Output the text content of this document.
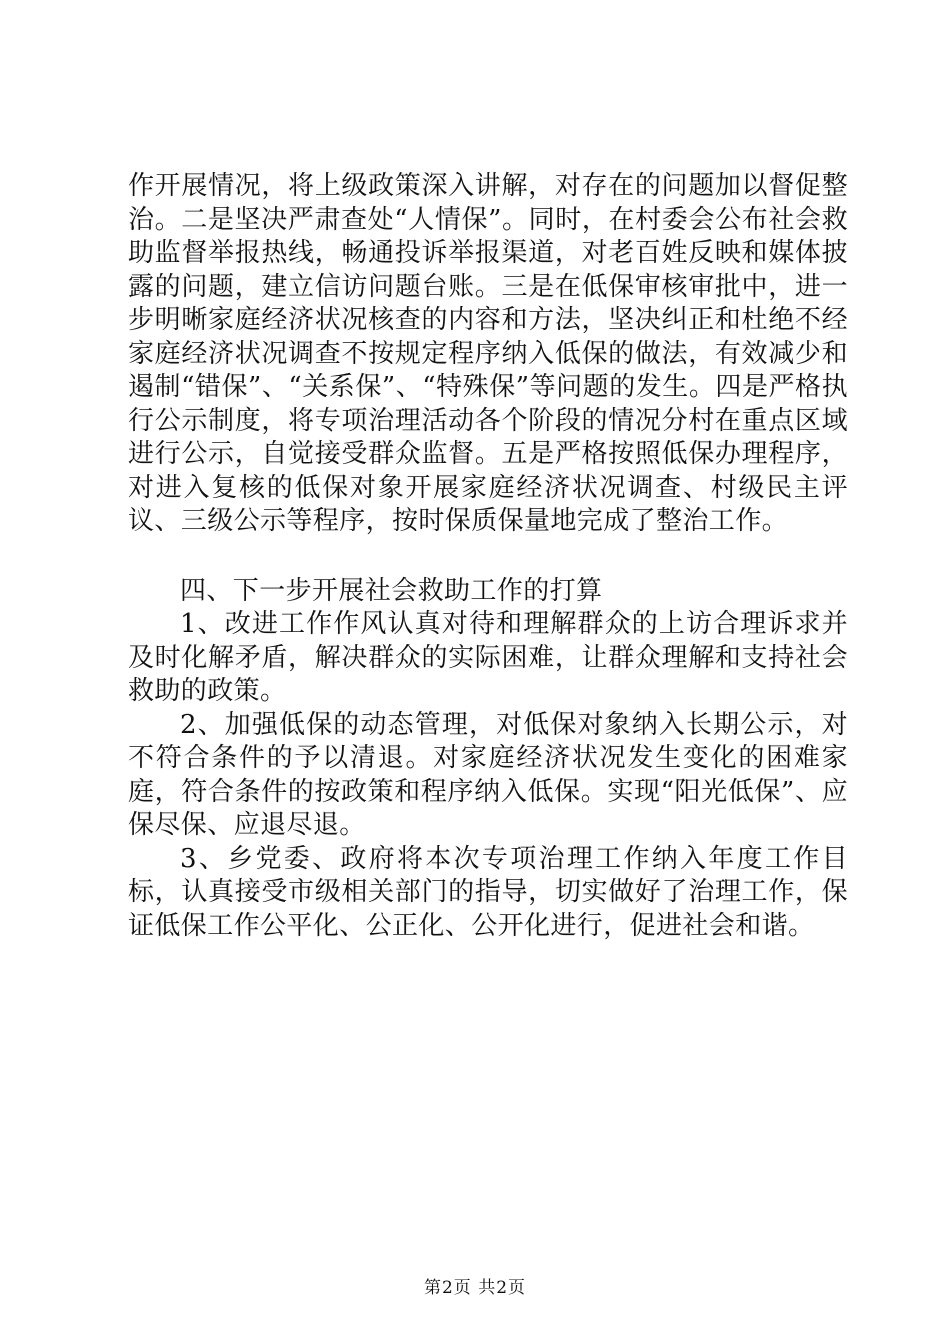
作开展情况，将上级政策深入讲解，对存在的问题加以督促整治。二是坚决严肃查处“人情保”。同时，在村委会公布社会救助监督举报热线，畅通投诉举报渠道，对老百姓反映和媒体披露的问题，建立信访问题台账。三是在低保审核审批中，进一步明晰家庭经济状况核查的内容和方法，坚决纠正和杜绝不经家庭经济状况调查不按规定程序纳入低保的做法，有效减少和遏制“错保”、“关系保”、“特殊保”等问题的发生。四是严格执行公示制度，将专项治理活动各个阶段的情况分村在重点区域进行公示，自觉接受群众监督。五是严格按照低保办理程序，对进入复核的低保对象开展家庭经济状况调查、村级民主评议、三级公示等程序，按时保质保量地完成了整治工作。

四、下一步开展社会救助工作的打算

1、改进工作作风认真对待和理解群众的上访合理诉求并及时化解矛盾，解决群众的实际困难，让群众理解和支持社会救助的政策。

2、加强低保的动态管理，对低保对象纳入长期公示，对不符合条件的予以清退。对家庭经济状况发生变化的困难家庭，符合条件的按政策和程序纳入低保。实现“阳光低保”、应保尽保、应退尽退。

3、乡党委、政府将本次专项治理工作纳入年度工作目标，认真接受市级相关部门的指导，切实做好了治理工作，保证低保工作公平化、公正化、公开化进行，促进社会和谐。

第2页 共2页
